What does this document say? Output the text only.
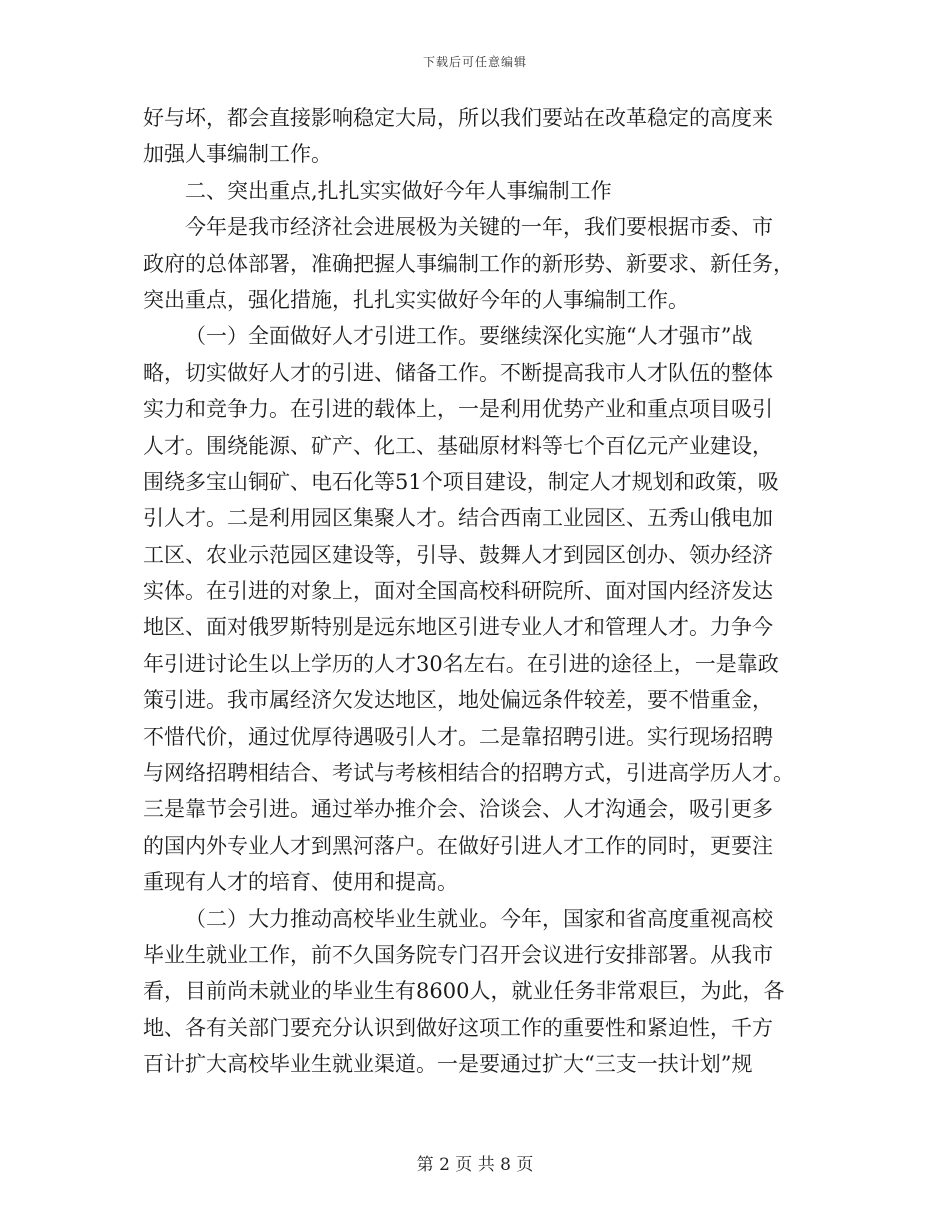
下载后可任意编辑
好与坏，都会直接影响稳定大局，所以我们要站在改革稳定的高度来
加强人事编制工作。
二、突出重点,扎扎实实做好今年人事编制工作
今年是我市经济社会进展极为关键的一年，我们要根据市委、市
政府的总体部署，准确把握人事编制工作的新形势、新要求、新任务，
突出重点，强化措施，扎扎实实做好今年的人事编制工作。
（一）全面做好人才引进工作。要继续深化实施“人才强市”战
略，切实做好人才的引进、储备工作。不断提高我市人才队伍的整体
实力和竞争力。在引进的载体上，一是利用优势产业和重点项目吸引
人才。围绕能源、矿产、化工、基础原材料等七个百亿元产业建设，
围绕多宝山铜矿、电石化等51个项目建设，制定人才规划和政策，吸
引人才。二是利用园区集聚人才。结合西南工业园区、五秀山俄电加
工区、农业示范园区建设等，引导、鼓舞人才到园区创办、领办经济
实体。在引进的对象上，面对全国高校科研院所、面对国内经济发达
地区、面对俄罗斯特别是远东地区引进专业人才和管理人才。力争今
年引进讨论生以上学历的人才30名左右。在引进的途径上，一是靠政
策引进。我市属经济欠发达地区，地处偏远条件较差，要不惜重金，
不惜代价，通过优厚待遇吸引人才。二是靠招聘引进。实行现场招聘
与网络招聘相结合、考试与考核相结合的招聘方式，引进高学历人才。
三是靠节会引进。通过举办推介会、洽谈会、人才沟通会，吸引更多
的国内外专业人才到黑河落户。在做好引进人才工作的同时，更要注
重现有人才的培育、使用和提高。
（二）大力推动高校毕业生就业。今年，国家和省高度重视高校
毕业生就业工作，前不久国务院专门召开会议进行安排部署。从我市
看，目前尚未就业的毕业生有8600人，就业任务非常艰巨，为此，各
地、各有关部门要充分认识到做好这项工作的重要性和紧迫性，千方
百计扩大高校毕业生就业渠道。一是要通过扩大“三支一扶计划”规
第 2 页 共 8 页
